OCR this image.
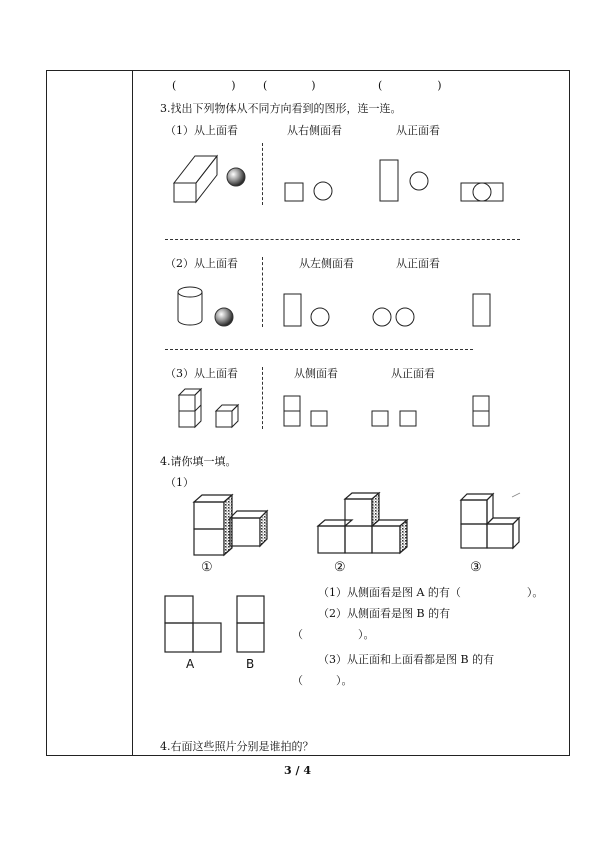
(　　　　　) (　　　　)	(　　　　　)
3.找出下列物体从不同方向看到的图形，连一连。
（1）从上面看	从右侧面看	从正面看
（2）从上面看	从左侧面看	从正面看
（3）从上面看	从侧面看	从正面看
4.请你填一填。
（1）
①	②	③
A	B
（1）从侧面看是图 A 的有（　　　　　　）。
（2）从侧面看是图 B 的有
（　　　　　）。
（3）从正面和上面看都是图 B 的有
（　　　）。
4.右面这些照片分别是谁拍的？
3 / 4
